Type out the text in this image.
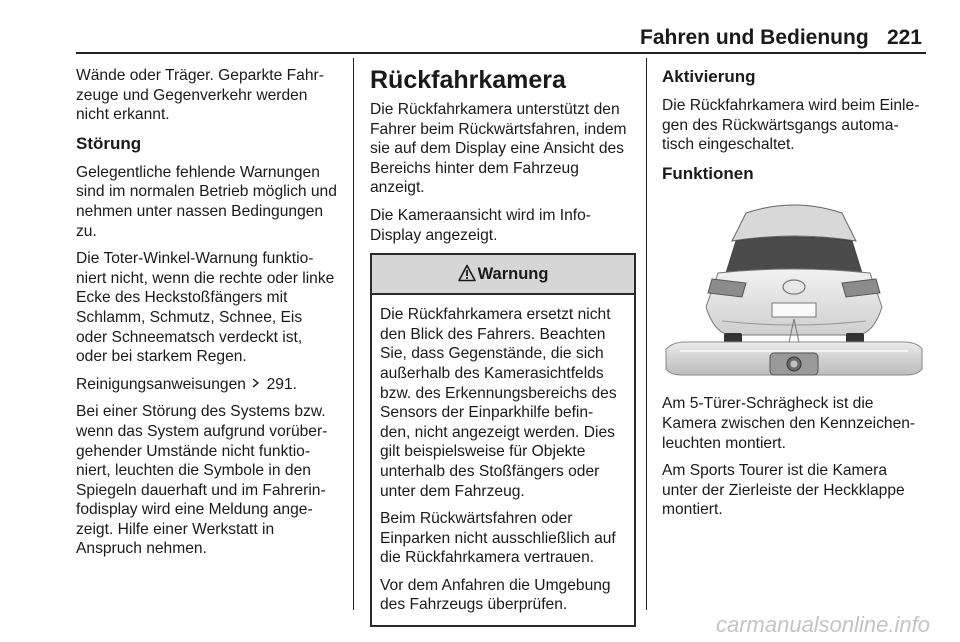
Fahren und Bedienung 221

Wände oder Träger. Geparkte Fahr-
zeuge und Gegenverkehr werden
nicht erkannt.

Störung

Gelegentliche fehlende Warnungen
sind im normalen Betrieb möglich und
nehmen unter nassen Bedingungen
zu.

Die Toter-Winkel-Warnung funktio-
niert nicht, wenn die rechte oder linke
Ecke des Heckstoßfängers mit
Schlamm, Schmutz, Schnee, Eis
oder Schneematsch verdeckt ist,
oder bei starkem Regen.

Reinigungsanweisungen 291.

Bei einer Störung des Systems bzw.
wenn das System aufgrund vorüber-
gehender Umstände nicht funktio-
niert, leuchten die Symbole in den
Spiegeln dauerhaft und im Fahrerin-
fodisplay wird eine Meldung ange-
zeigt. Hilfe einer Werkstatt in
Anspruch nehmen.

Rückfahrkamera

Die Rückfahrkamera unterstützt den
Fahrer beim Rückwärtsfahren, indem
sie auf dem Display eine Ansicht des
Bereichs hinter dem Fahrzeug
anzeigt.

Die Kameraansicht wird im Info-
Display angezeigt.

Warnung

Die Rückfahrkamera ersetzt nicht
den Blick des Fahrers. Beachten
Sie, dass Gegenstände, die sich
außerhalb des Kamerasichtfelds
bzw. des Erkennungsbereichs des
Sensors der Einparkhilfe befin-
den, nicht angezeigt werden. Dies
gilt beispielsweise für Objekte
unterhalb des Stoßfängers oder
unter dem Fahrzeug.

Beim Rückwärtsfahren oder
Einparken nicht ausschließlich auf
die Rückfahrkamera vertrauen.

Vor dem Anfahren die Umgebung
des Fahrzeugs überprüfen.

Aktivierung

Die Rückfahrkamera wird beim Einle-
gen des Rückwärtsgangs automa-
tisch eingeschaltet.

Funktionen

Am 5-Türer-Schrägheck ist die
Kamera zwischen den Kennzeichen-
leuchten montiert.

Am Sports Tourer ist die Kamera
unter der Zierleiste der Heckklappe
montiert.

carmanualsonline.info
